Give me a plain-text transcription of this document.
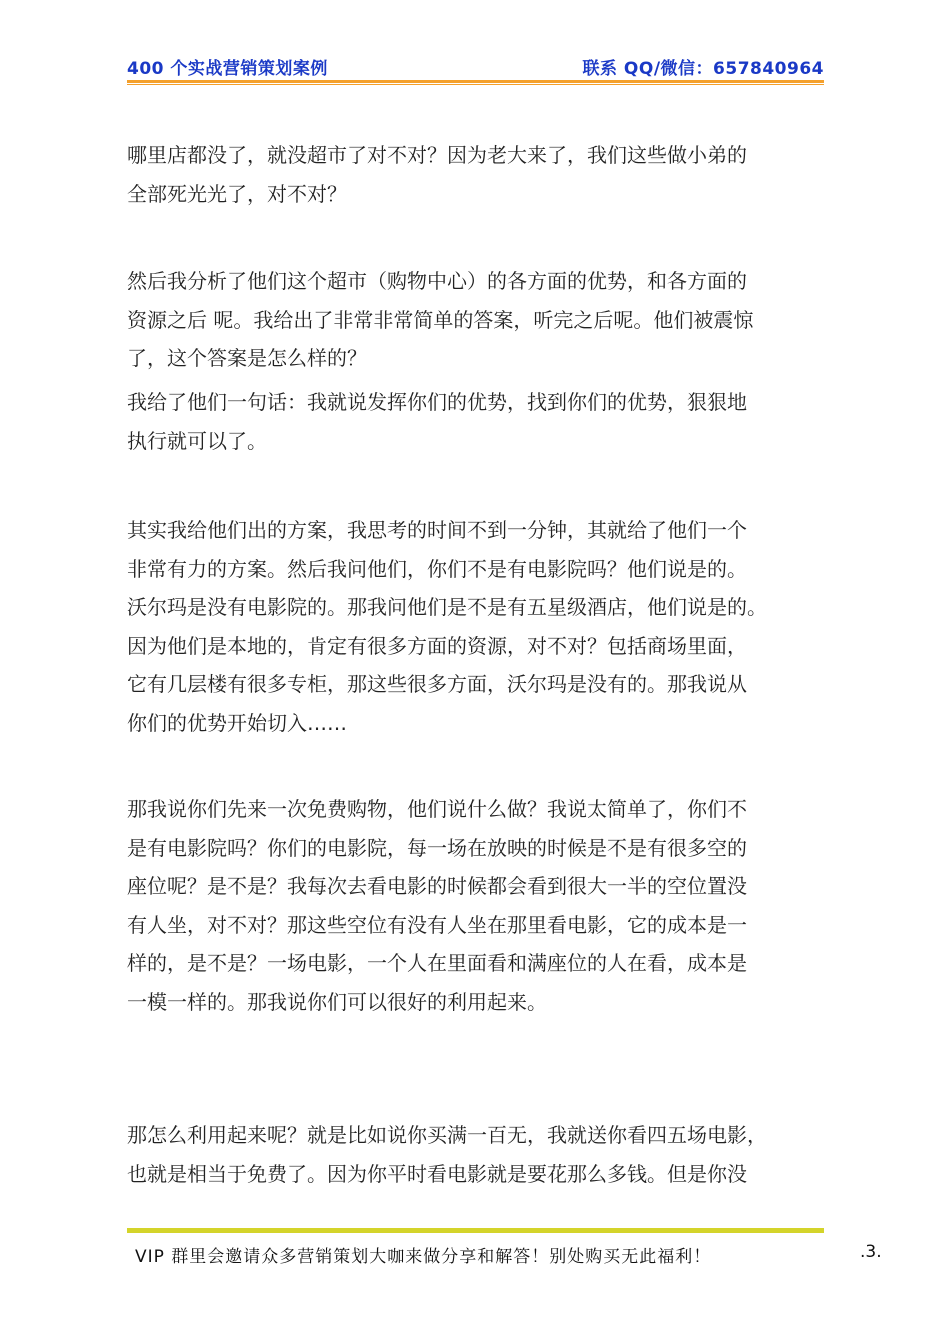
400 个实战营销策划案例	联系 QQ/微信：657840964

哪里店都没了，就没超市了对不对？因为老大来了，我们这些做小弟的
全部死光光了，对不对？

然后我分析了他们这个超市（购物中心）的各方面的优势，和各方面的
资源之后 呢。我给出了非常非常简单的答案，听完之后呢。他们被震惊
了，这个答案是怎么样的？

我给了他们一句话：我就说发挥你们的优势，找到你们的优势，狠狠地
执行就可以了。

其实我给他们出的方案，我思考的时间不到一分钟，其就给了他们一个
非常有力的方案。然后我问他们，你们不是有电影院吗？他们说是的。
沃尔玛是没有电影院的。那我问他们是不是有五星级酒店，他们说是的。
因为他们是本地的，肯定有很多方面的资源，对不对？包括商场里面，
它有几层楼有很多专柜，那这些很多方面，沃尔玛是没有的。那我说从
你们的优势开始切入……

那我说你们先来一次免费购物，他们说什么做？我说太简单了，你们不
是有电影院吗？你们的电影院，每一场在放映的时候是不是有很多空的
座位呢？是不是？我每次去看电影的时候都会看到很大一半的空位置没
有人坐，对不对？那这些空位有没有人坐在那里看电影，它的成本是一
样的，是不是？一场电影，一个人在里面看和满座位的人在看，成本是
一模一样的。那我说你们可以很好的利用起来。

那怎么利用起来呢？就是比如说你买满一百无，我就送你看四五场电影，
也就是相当于免费了。因为你平时看电影就是要花那么多钱。但是你没

VIP 群里会邀请众多营销策划大咖来做分享和解答！别处购买无此福利！	.3.
